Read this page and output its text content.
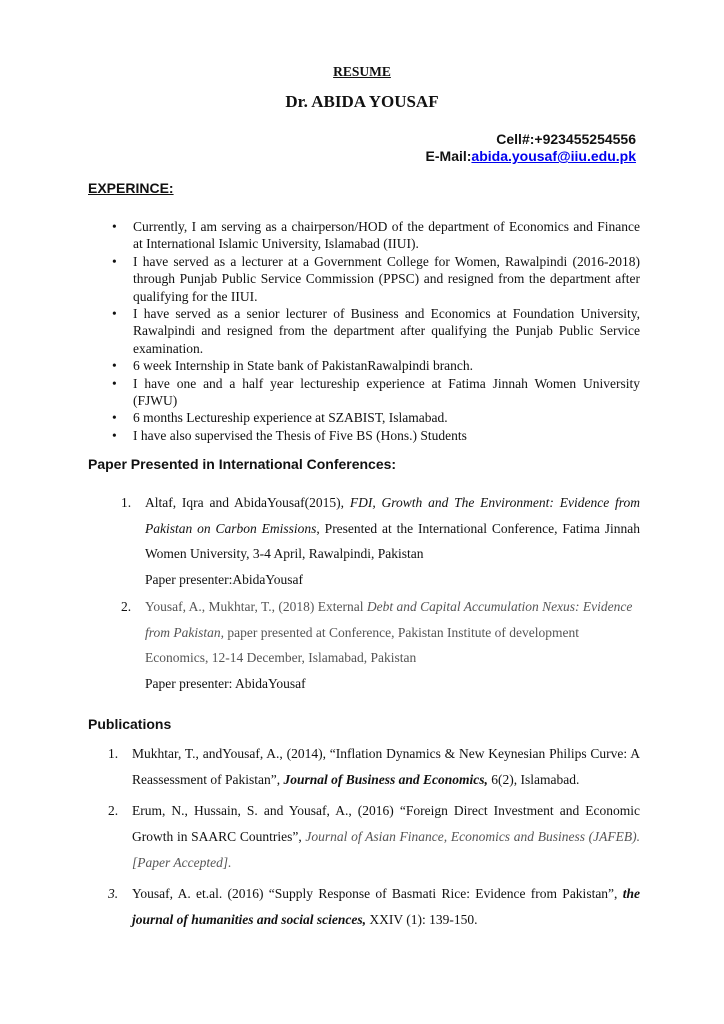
RESUME
Dr. ABIDA YOUSAF
Cell#:+923455254556
E-Mail:abida.yousaf@iiu.edu.pk
EXPERINCE:
• Currently, I am serving as a chairperson/HOD of the department of Economics and Finance at International Islamic University, Islamabad (IIUI).
• I have served as a lecturer at a Government College for Women, Rawalpindi (2016-2018) through Punjab Public Service Commission (PPSC) and resigned from the department after qualifying for the IIUI.
• I have served as a senior lecturer of Business and Economics at Foundation University, Rawalpindi and resigned from the department after qualifying the Punjab Public Service examination.
• 6 week Internship in State bank of PakistanRawalpindi branch.
• I have one and a half year lectureship experience at Fatima Jinnah Women University (FJWU)
• 6 months Lectureship experience at SZABIST, Islamabad.
• I have also supervised the Thesis of Five BS (Hons.) Students
Paper Presented in International Conferences:
1. Altaf, Iqra and AbidaYousaf(2015), FDI, Growth and The Environment: Evidence from Pakistan on Carbon Emissions, Presented at the International Conference, Fatima Jinnah Women University, 3-4 April, Rawalpindi, Pakistan
Paper presenter:AbidaYousaf
2. Yousaf, A., Mukhtar, T., (2018) External Debt and Capital Accumulation Nexus: Evidence from Pakistan, paper presented at Conference, Pakistan Institute of development Economics, 12-14 December, Islamabad, Pakistan
Paper presenter: AbidaYousaf
Publications
1. Mukhtar, T., andYousaf, A., (2014), “Inflation Dynamics & New Keynesian Philips Curve: A Reassessment of Pakistan”, Journal of Business and Economics, 6(2), Islamabad.
2. Erum, N., Hussain, S. and Yousaf, A., (2016) “Foreign Direct Investment and Economic Growth in SAARC Countries”, Journal of Asian Finance, Economics and Business (JAFEB). [Paper Accepted].
3. Yousaf, A. et.al. (2016) “Supply Response of Basmati Rice: Evidence from Pakistan”, the journal of humanities and social sciences, XXIV (1): 139-150.
